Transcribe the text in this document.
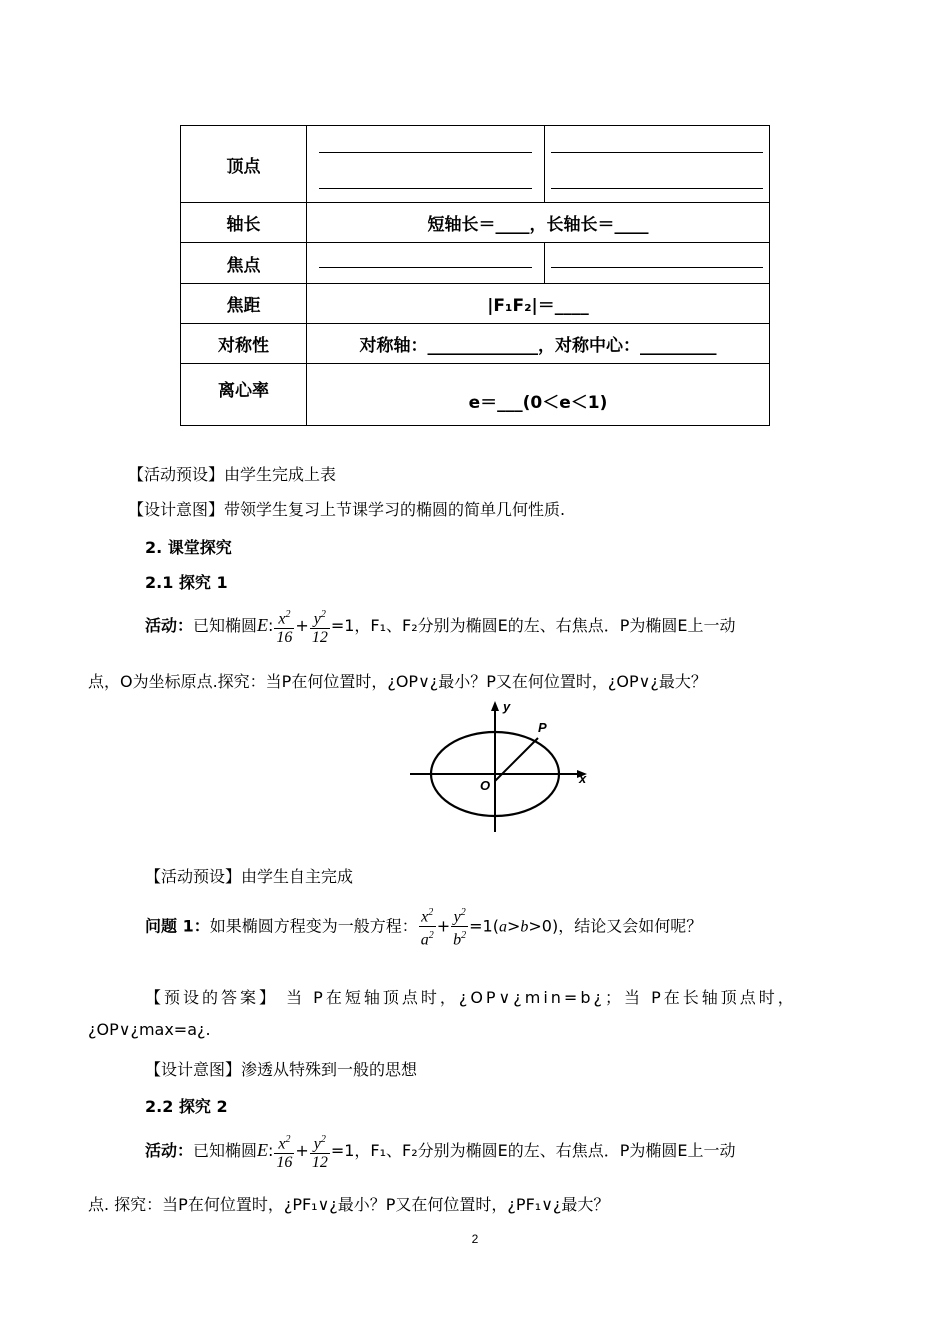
顶点	

轴长	短轴长＝____，长轴长＝____	
焦点	

焦距	|F₁F₂|＝____	
对称性	对称轴：_____________，对称中心：_________	
离心率	e＝___(0＜e＜1)	
【活动预设】由学生完成上表
【设计意图】带领学生复习上节课学习的椭圆的简单几何性质.
2. 课堂探究
2.1 探究 1
活动：已知椭圆E: $\frac{x^2}{16} + \frac{y^2}{12} =1$，F₁、F₂分别为椭圆E的左、右焦点．P为椭圆E上一动
点，O为坐标原点.探究：当P在何位置时，¿OP∨¿最小？P又在何位置时，¿OP∨¿最大？
y
P
x
O
【活动预设】由学生自主完成
问题 1：如果椭圆方程变为一般方程： $\frac{x^2}{a^2} + \frac{y^2}{b^2} =1(a>b>0)$，结论又会如何呢？
【预设的答案】 当 P在短轴顶点时，¿OP∨¿min=b¿；当 P在长轴顶点时，
¿OP∨¿max=a¿.
【设计意图】渗透从特殊到一般的思想
2.2 探究 2
活动：已知椭圆E: $\frac{x^2}{16} + \frac{y^2}{12} =1$，F₁、F₂分别为椭圆E的左、右焦点．P为椭圆E上一动
点. 探究：当P在何位置时，¿PF₁∨¿最小？P又在何位置时，¿PF₁∨¿最大？
2
